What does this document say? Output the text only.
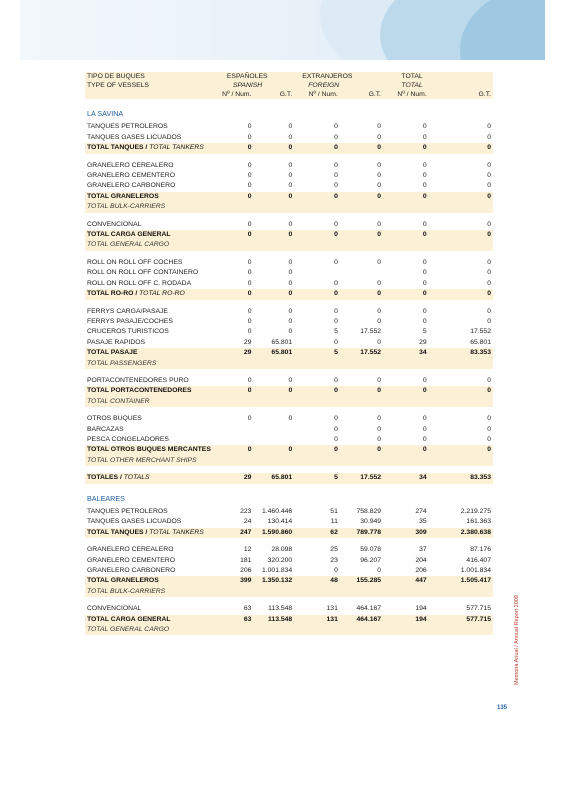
TIPO DE BUQUES	ESPAÑOLES		EXTRANJEROS		TOTAL	
TYPE OF VESSELS	SPANISH		FOREIGN		TOTAL	
	Nº / Num.	G.T.	Nº / Num.	G.T.	Nº / Num.	G.T.

LA SAVINA						

TANQUES PETROLEROS	0	0	0	0	0	0
TANQUES GASES LICUADOS	0	0	0	0	0	0
TOTAL TANQUES / TOTAL TANKERS	0	0	0	0	0	0

GRANELERO CEREALERO	0	0	0	0	0	0
GRANELERO CEMENTERO	0	0	0	0	0	0
GRANELERO CARBONERO	0	0	0	0	0	0
TOTAL GRANELEROS	0	0	0	0	0	0
TOTAL BULK-CARRIERS						

CONVENCIONAL	0	0	0	0	0	0
TOTAL CARGA GENERAL	0	0	0	0	0	0
TOTAL GENERAL CARGO						

ROLL ON ROLL OFF COCHES	0	0	0	0	0	0
ROLL ON ROLL OFF CONTAINERO	0	0			0	0
ROLL ON ROLL OFF C. RODADA	0	0	0	0	0	0
TOTAL RO-RO / TOTAL RO-RO	0	0	0	0	0	0

FERRYS CARGA/PASAJE	0	0	0	0	0	0
FERRYS PASAJE/COCHES	0	0	0	0	0	0
CRUCEROS TURISTICOS	0	0	5	17.552	5	17.552
PASAJE RAPIDOS	29	65.801	0	0	29	65.801
TOTAL PASAJE	29	65.801	5	17.552	34	83.353
TOTAL PASSENGERS						

PORTACONTENEDORES PURO	0	0	0	0	0	0
TOTAL PORTACONTENEDORES	0	0	0	0	0	0
TOTAL CONTAINER						

OTROS BUQUES	0	0	0	0	0	0
BARCAZAS			0	0	0	0
PESCA CONGELADORES			0	0	0	0
TOTAL OTROS BUQUES MERCANTES	0	0	0	0	0	0
TOTAL OTHER MERCHANT SHIPS						

TOTALES / TOTALS	29	65.801	5	17.552	34	83.353

BALEARES						

TANQUES PETROLEROS	223	1.460.446	51	758.829	274	2.219.275
TANQUES GASES LICUADOS	24	130.414	11	30.949	35	161.363
TOTAL TANQUES / TOTAL TANKERS	247	1.590.860	62	789.778	309	2.380.638

GRANELERO CEREALERO	12	28.098	25	59.078	37	87.176
GRANELERO CEMENTERO	181	320.200	23	96.207	204	416.407
GRANELERO CARBONERO	206	1.001.834	0	0	206	1.001.834
TOTAL GRANELEROS	399	1.350.132	48	155.285	447	1.505.417
TOTAL BULK-CARRIERS						

CONVENCIONAL	63	113.548	131	464.167	194	577.715
TOTAL CARGA GENERAL	63	113.548	131	464.167	194	577.715
TOTAL GENERAL CARGO							Memoria Anual / Annual Report 2009
135
